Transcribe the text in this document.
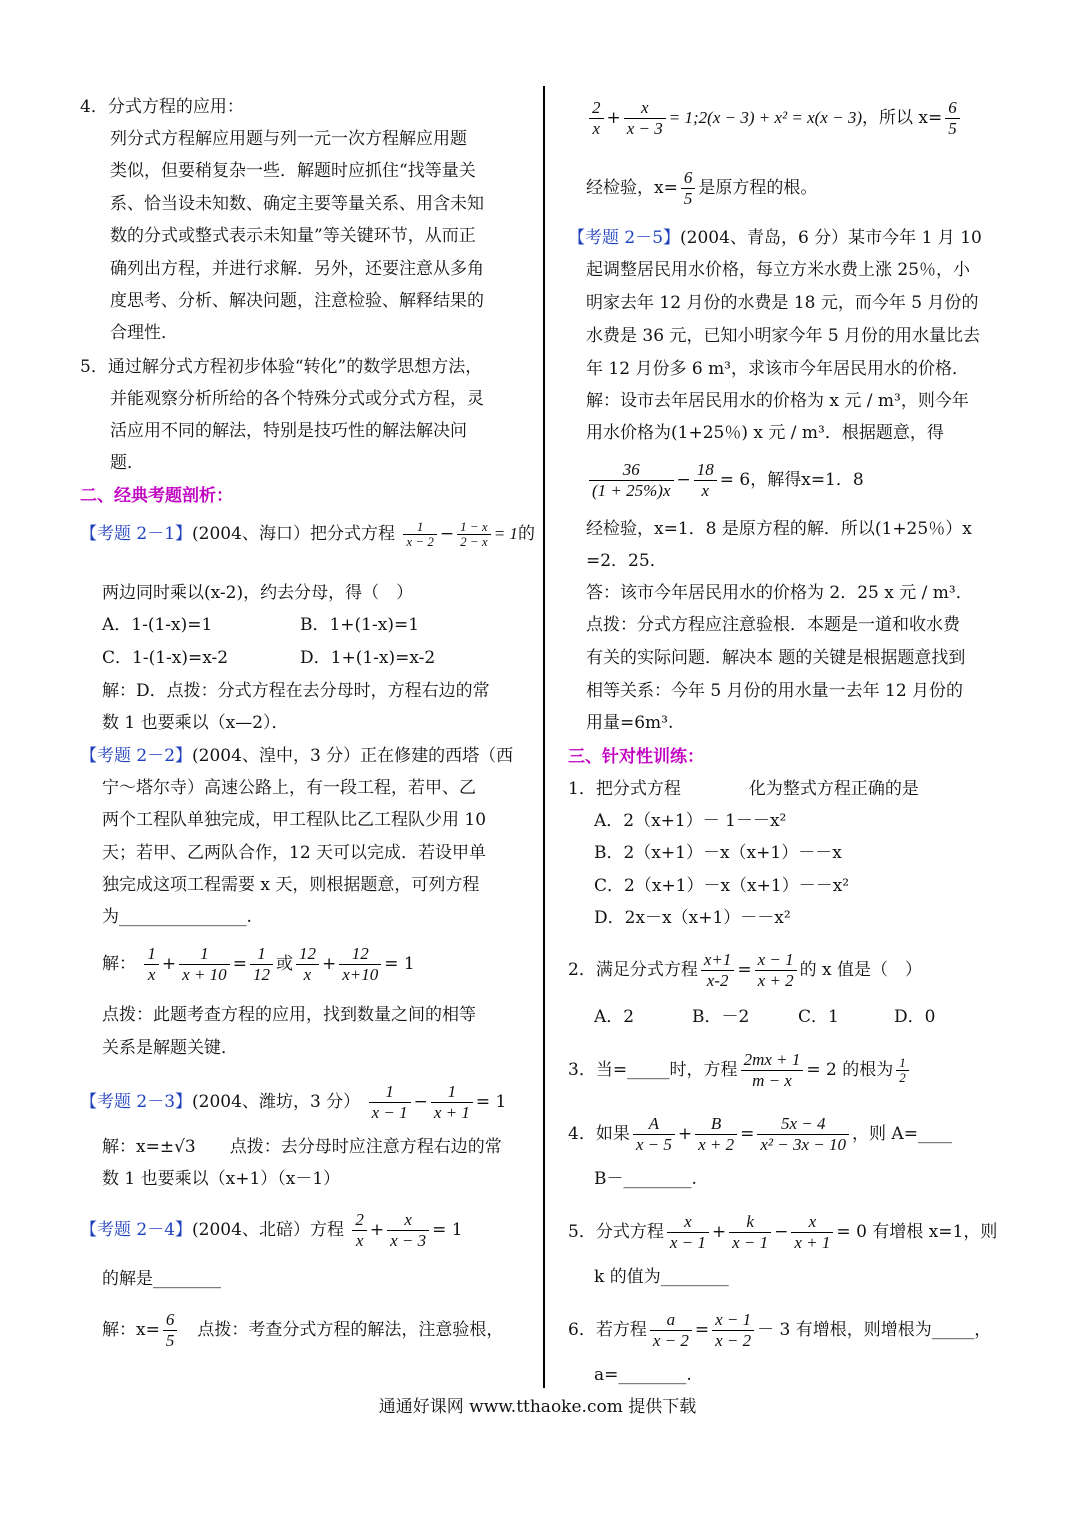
4．分式方程的应用：
列分式方程解应用题与列一元一次方程解应用题
类似，但要稍复杂一些．解题时应抓住“找等量关
系、恰当设未知数、确定主要等量关系、用含未知
数的分式或整式表示未知量”等关键环节，从而正
确列出方程，并进行求解．另外，还要注意从多角
度思考、分析、解决问题，注意检验、解释结果的
合理性．
5．通过解分式方程初步体验“转化”的数学思想方法，
并能观察分析所给的各个特殊分式或分式方程，灵
活应用不同的解法，特别是技巧性的解法解决问
题．
二、经典考题剖析：
【考题 2－1】(2004、海口）把分式方程 $\frac{1}{x - 2} - \frac{1 - x}{2 - x} = 1$的
两边同时乘以(x-2)，约去分母，得（　）
A．1-(1-x)=1	B．1+(1-x)=1
C．1-(1-x)=x-2	D．1+(1-x)=x-2
解：D．点拨：分式方程在去分母时，方程右边的常
数 1 也要乘以（x—2）．
【考题 2－2】(2004、湟中，3 分）正在修建的西塔（西
宁～塔尔寺）高速公路上，有一段工程，若甲、乙
两个工程队单独完成，甲工程队比乙工程队少用 10
天；若甲、乙两队合作，12 天可以完成．若设甲单
独完成这项工程需要 x 天，则根据题意，可列方程
为_______________.
解： $\frac{1}{x} + \frac{1}{x + 10} = \frac{1}{12}$ 或 $\frac{12}{x} + \frac{12}{x+10} = 1$
点拨：此题考查方程的应用，找到数量之间的相等
关系是解题关键．
【考题 2－3】(2004、潍坊，3 分） $\frac{1}{x - 1} - \frac{1}{x + 1} = 1$
解：x=±√3　　点拨：去分母时应注意方程右边的常
数 1 也要乘以（x+1）（x－1）
【考题 2－4】(2004、北碚）方程 $\frac{2}{x} + \frac{x}{x - 3} = 1$
的解是________
解：$x= \frac{6}{5}$ 　点拨：考查分式方程的解法，注意验根，
$\frac{2}{x} + \frac{x}{x - 3}$ = 1;2(x − 3) + x² = x(x − 3)，所以 $x= \frac{6}{5}$
经检验，$x= \frac{6}{5}$ 是原方程的根。
【考题 2－5】(2004、青岛，6 分）某市今年 1 月 10
起调整居民用水价格，每立方米水费上涨 25％，小
明家去年 12 月份的水费是 18 元，而今年 5 月份的
水费是 36 元，已知小明家今年 5 月份的用水量比去
年 12 月份多 6 m³，求该市今年居民用水的价格．
解：设市去年居民用水的价格为 x 元 / m³，则今年
用水价格为(1+25％) x 元 / m³．根据题意，得
$\frac{36}{(1 + 25\%)x} - \frac{18}{x} = 6$，解得x=1．8
经检验，x=1．8 是原方程的解．所以(1+25％）x
=2．25．
答：该市今年居民用水的价格为 2．25 x 元 / m³．
点拨：分式方程应注意验根．本题是一道和收水费
有关的实际问题．解决本 题的关键是根据题意找到
相等关系：今年 5 月份的用水量一去年 12 月份的
用量=6m³.
三、针对性训练：
1．把分式方程　　　　化为整式方程正确的是
A．2（x+1）－ 1－－x²
B．2（x+1）－x（x+1）－－x
C．2（x+1）－x（x+1）－－x²
D．2x－x（x+1）－－x²
2．满足分式方程 $\frac{x+1}{x-2} = \frac{x - 1}{x + 2}$ 的 x 值是（　）
A．2	B．－2	C．1	D．0
3．当=_____时，方程 $\frac{2mx + 1}{m - x} = 2$ 的根为 $\frac{1}{2}$
4．如果 $\frac{A}{x - 5} + \frac{B}{x + 2} = \frac{5x - 4}{\text{x² − 3x − 10}}$ ，则 A=____
B－________.
5．分式方程 $\frac{x}{x - 1} + \frac{k}{x - 1} - \frac{x}{x + 1} = 0$ 有增根 x=1，则
k 的值为________
6．若方程 $\frac{a}{x - 2} = \frac{x - 1}{x - 2} - 3$ 有增根，则增根为_____，
a=________.
通通好课网 www.tthaoke.com 提供下载
